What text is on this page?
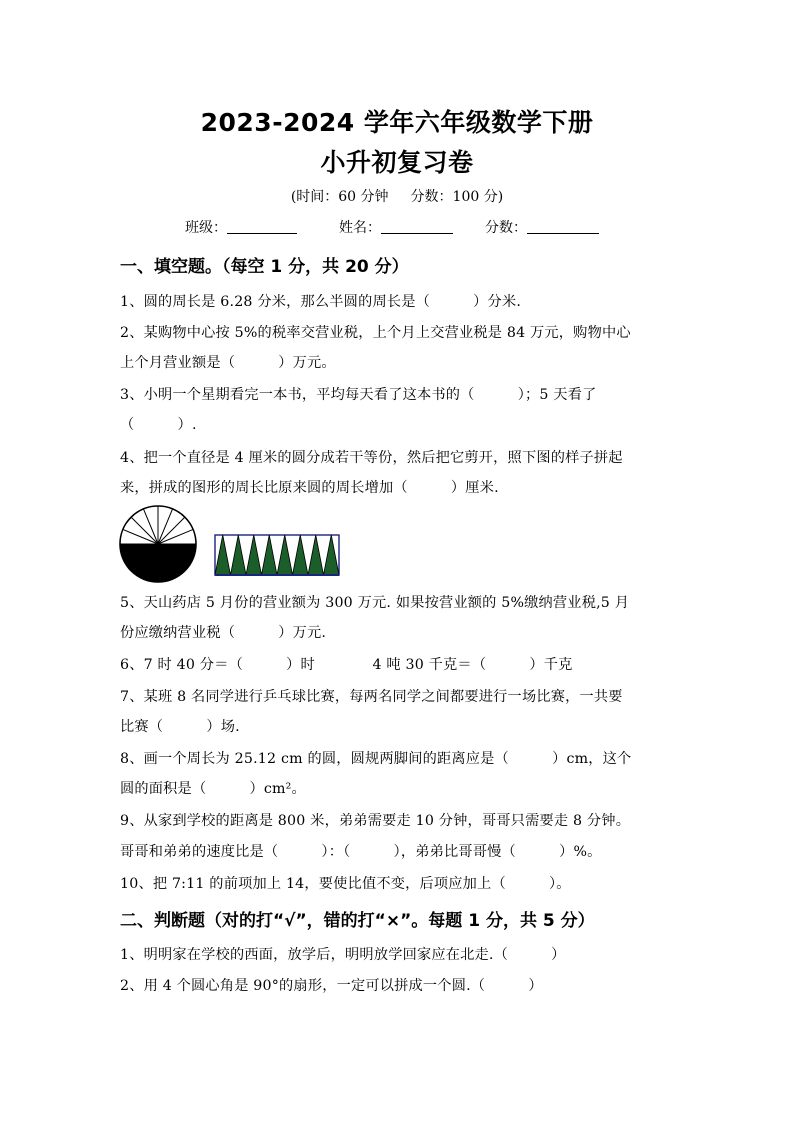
2023-2024 学年六年级数学下册
小升初复习卷
(时间：60 分钟 分数：100 分)
班级：	姓名：	分数：
一、填空题。（每空 1 分，共 20 分）
1、圆的周长是 6.28 分米，那么半圆的周长是（　　　）分米.
2、某购物中心按 5%的税率交营业税，上个月上交营业税是 84 万元，购物中心
上个月营业额是（　　　）万元。
3、小明一个星期看完一本书，平均每天看了这本书的（　　　）；5 天看了
（　　　）.
4、把一个直径是 4 厘米的圆分成若干等份，然后把它剪开，照下图的样子拼起
来，拼成的图形的周长比原来圆的周长增加（　　　）厘米.
5、天山药店 5 月份的营业额为 300 万元. 如果按营业额的 5%缴纳营业税,5 月
份应缴纳营业税（　　　）万元.
6、7 时 40 分＝（　　　）时　　　　4 吨 30 千克＝（　　　）千克
7、某班 8 名同学进行乒乓球比赛，每两名同学之间都要进行一场比赛，一共要
比赛（　　　）场.
8、画一个周长为 25.12 cm 的圆，圆规两脚间的距离应是（　　　）cm，这个
圆的面积是（　　　）cm²。
9、从家到学校的距离是 800 米，弟弟需要走 10 分钟，哥哥只需要走 8 分钟。
哥哥和弟弟的速度比是（　　　）：（　　　），弟弟比哥哥慢（　　　）%。
10、把 7:11 的前项加上 14，要使比值不变，后项应加上（　　　）。
二、判断题（对的打“√”，错的打“×”。每题 1 分，共 5 分）
1、明明家在学校的西面，放学后，明明放学回家应在北走.（　　　）
2、用 4 个圆心角是 90°的扇形，一定可以拼成一个圆.（　　　）
